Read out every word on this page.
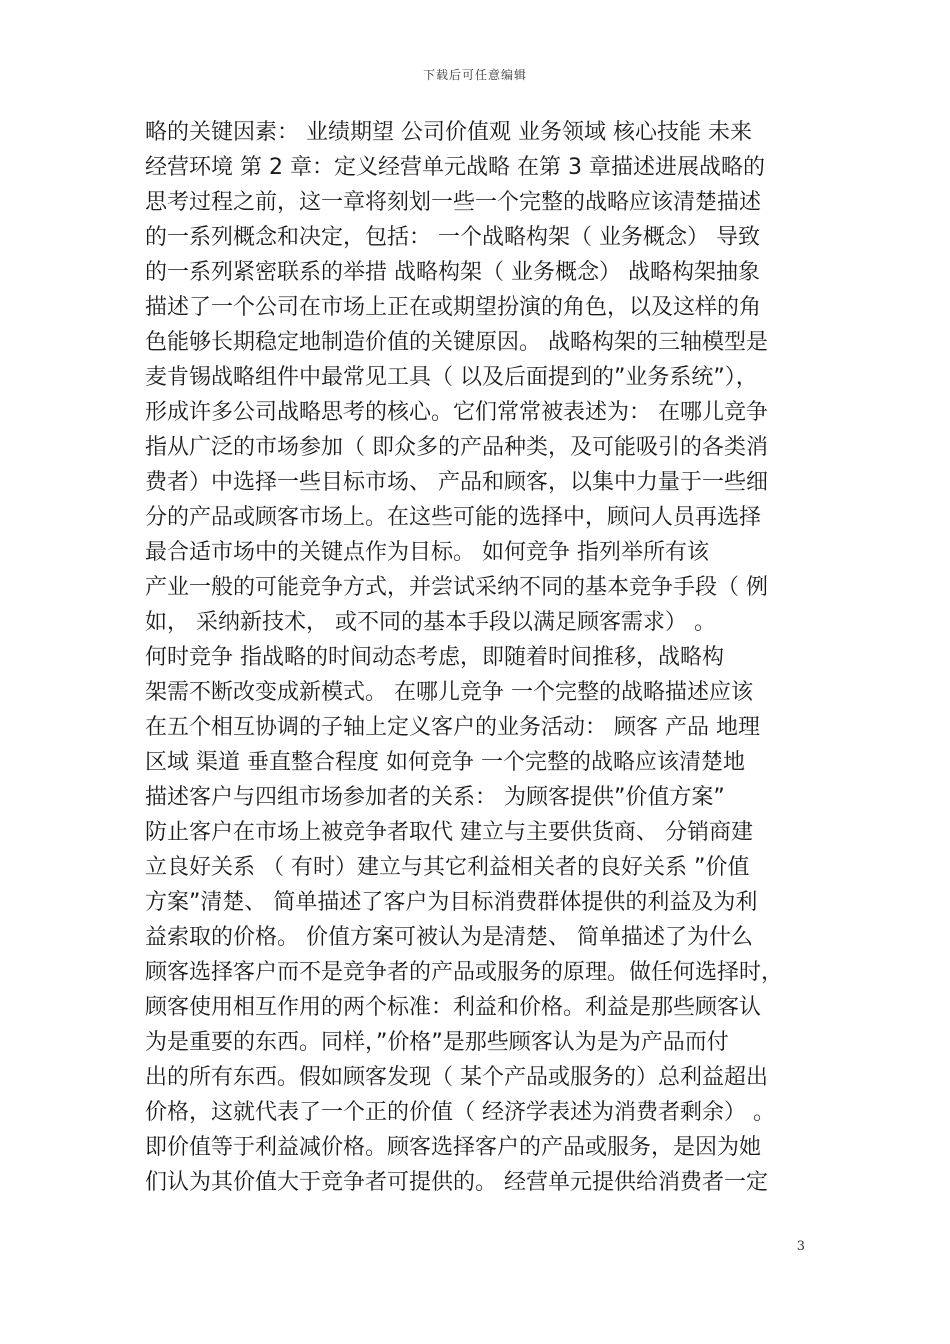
下载后可任意编辑
略的关键因素： 业绩期望 公司价值观 业务领域 核心技能 未来
经营环境 第 2 章：定义经营单元战略 在第 3 章描述进展战略的
思考过程之前，这一章将刻划一些一个完整的战略应该清楚描述
的一系列概念和决定，包括： 一个战略构架（ 业务概念） 导致
的一系列紧密联系的举措 战略构架（ 业务概念） 战略构架抽象
描述了一个公司在市场上正在或期望扮演的角色，以及这样的角
色能够长期稳定地制造价值的关键原因。 战略构架的三轴模型是
麦肯锡战略组件中最常见工具（ 以及后面提到的”业务系统”），
形成许多公司战略思考的核心。它们常常被表述为： 在哪儿竞争
指从广泛的市场参加（ 即众多的产品种类，及可能吸引的各类消
费者）中选择一些目标市场、 产品和顾客，以集中力量于一些细
分的产品或顾客市场上。在这些可能的选择中，顾问人员再选择
最合适市场中的关键点作为目标。 如何竞争 指列举所有该
产业一般的可能竞争方式，并尝试采纳不同的基本竞争手段（ 例
如， 采纳新技术， 或不同的基本手段以满足顾客需求） 。
何时竞争 指战略的时间动态考虑，即随着时间推移，战略构
架需不断改变成新模式。 在哪儿竞争 一个完整的战略描述应该
在五个相互协调的子轴上定义客户的业务活动： 顾客 产品 地理
区域 渠道 垂直整合程度 如何竞争 一个完整的战略应该清楚地
描述客户与四组市场参加者的关系： 为顾客提供”价值方案”
防止客户在市场上被竞争者取代 建立与主要供货商、 分销商建
立良好关系 （ 有时）建立与其它利益相关者的良好关系 ”价值
方案”清楚、 简单描述了客户为目标消费群体提供的利益及为利
益索取的价格。 价值方案可被认为是清楚、 简单描述了为什么
顾客选择客户而不是竞争者的产品或服务的原理。做任何选择时，
顾客使用相互作用的两个标准：利益和价格。利益是那些顾客认
为是重要的东西。同样，”价格”是那些顾客认为是为产品而付
出的所有东西。假如顾客发现（ 某个产品或服务的）总利益超出
价格，这就代表了一个正的价值（ 经济学表述为消费者剩余） 。
即价值等于利益减价格。顾客选择客户的产品或服务，是因为她
们认为其价值大于竞争者可提供的。 经营单元提供给消费者一定
3
